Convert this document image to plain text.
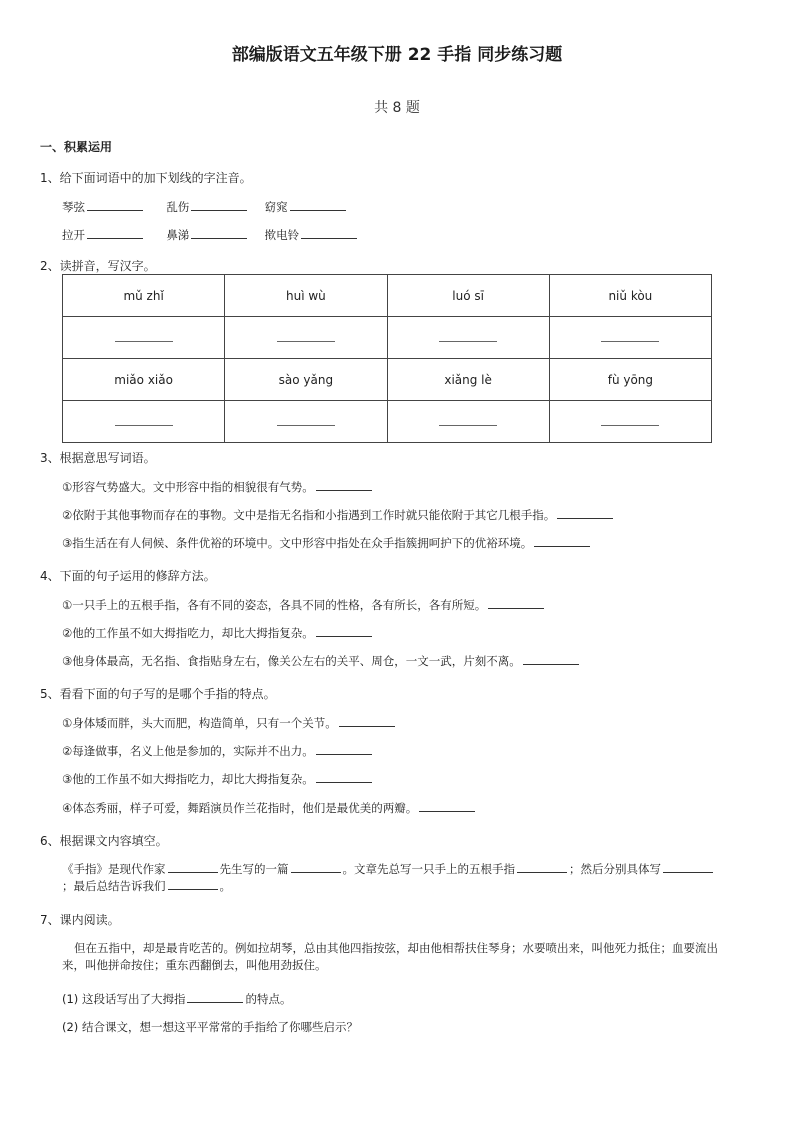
部编版语文五年级下册 22 手指 同步练习题
共 8 题
一、积累运用
1、给下面词语中的加下划线的字注音。
琴弦	乱伤	窈窕
拉开	鼻涕	揿电铃
2、读拼音，写汉字。
mǔ zhǐ	huì wù	luó sī	niǔ kòu

miǎo xiǎo	sào yǎng	xiǎng lè	fù yōng

3、根据意思写词语。
①形容气势盛大。文中形容中指的相貌很有气势。
②依附于其他事物而存在的事物。文中是指无名指和小指遇到工作时就只能依附于其它几根手指。
③指生活在有人伺候、条件优裕的环境中。文中形容中指处在众手指簇拥呵护下的优裕环境。
4、下面的句子运用的修辞方法。
①一只手上的五根手指，各有不同的姿态，各具不同的性格，各有所长，各有所短。
②他的工作虽不如大拇指吃力，却比大拇指复杂。
③他身体最高，无名指、食指贴身左右，像关公左右的关平、周仓，一文一武，片刻不离。
5、看看下面的句子写的是哪个手指的特点。
①身体矮而胖，头大而肥，构造简单，只有一个关节。
②每逢做事，名义上他是参加的，实际并不出力。
③他的工作虽不如大拇指吃力，却比大拇指复杂。
④体态秀丽，样子可爱，舞蹈演员作兰花指时，他们是最优美的两瓣。
6、根据课文内容填空。
《手指》是现代作家	先生写的一篇	。文章先总写一只手上的五根手指	；然后分别具体写；最后总结告诉我们	。
7、课内阅读。
但在五指中，却是最肯吃苦的。例如拉胡琴，总由其他四指按弦，却由他相帮扶住琴身；水要喷出来，叫他死力抵住；血要流出来，叫他拼命按住；重东西翻倒去，叫他用劲扳住。
(1) 这段话写出了大拇指	的特点。
(2) 结合课文，想一想这平平常常的手指给了你哪些启示？
